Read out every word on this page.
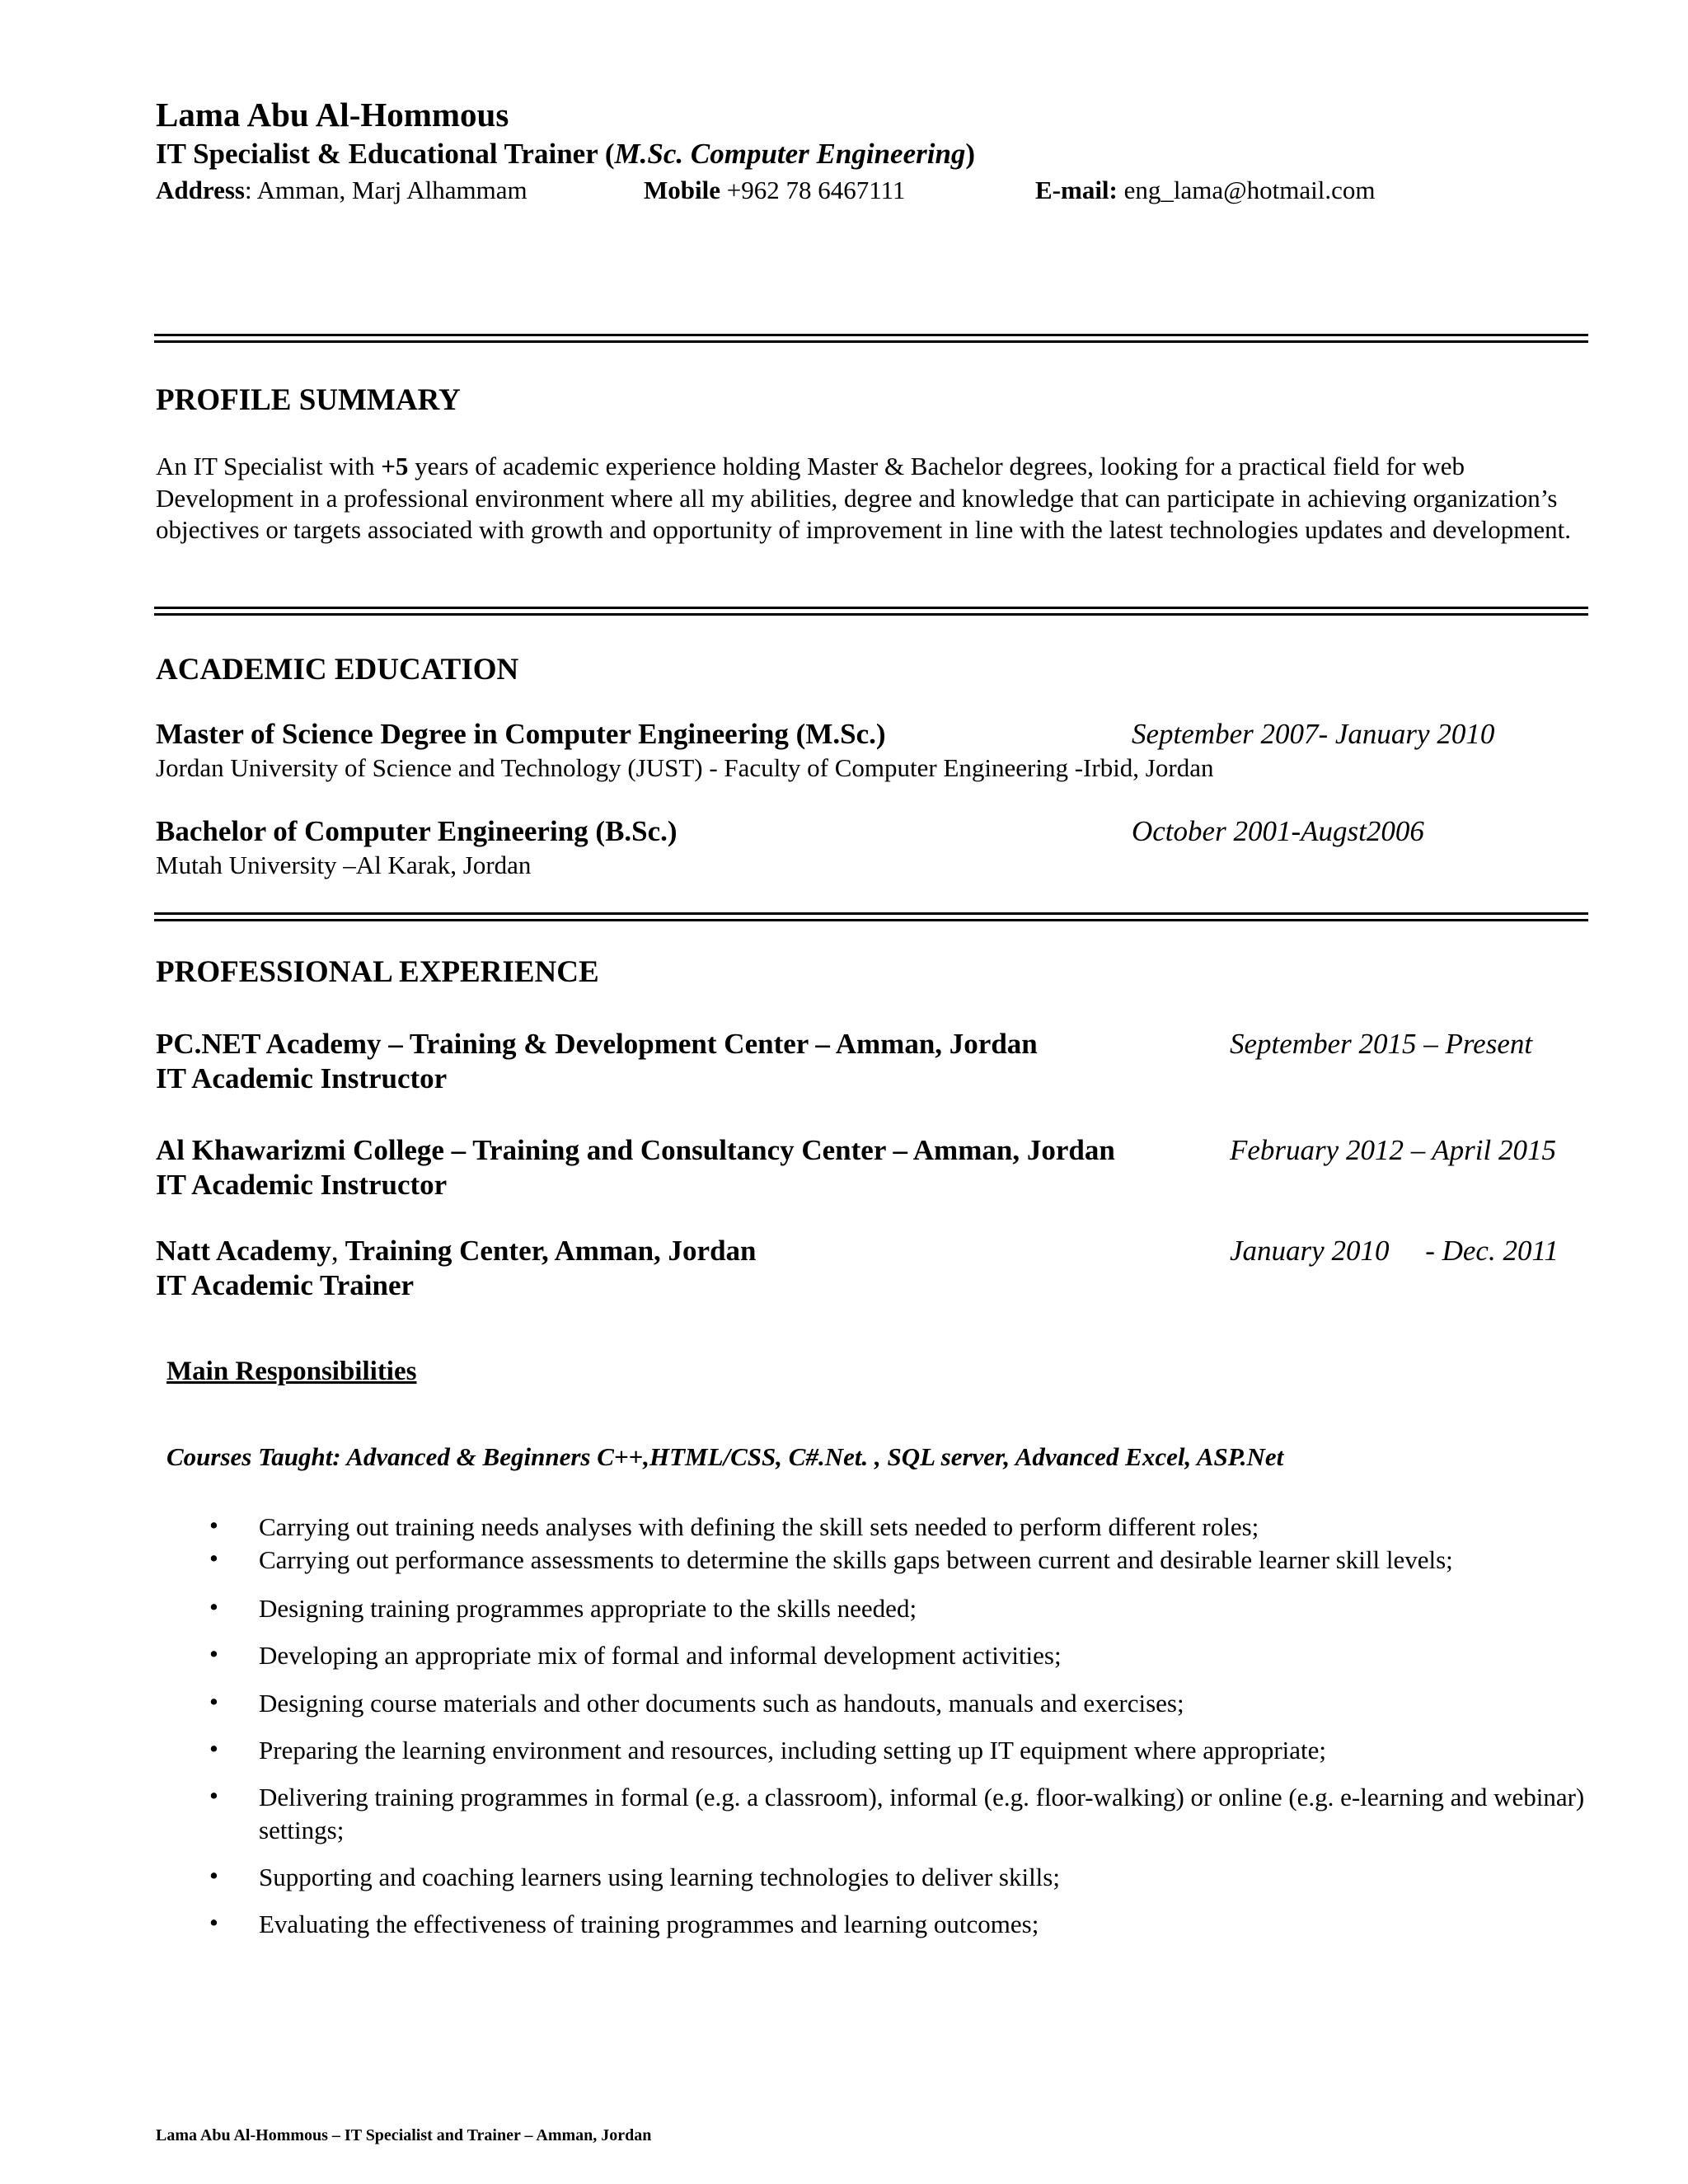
Lama Abu Al-Hommous
IT Specialist & Educational Trainer (M.Sc. Computer Engineering)
Address: Amman, Marj Alhammam	Mobile +962 78 6467111	E-mail: eng_lama@hotmail.com
PROFILE SUMMARY
An IT Specialist with +5 years of academic experience holding Master & Bachelor degrees, looking for a practical field for web Development in a professional environment where all my abilities, degree and knowledge that can participate in achieving organization’s objectives or targets associated with growth and opportunity of improvement in line with the latest technologies updates and development.
ACADEMIC EDUCATION
Master of Science Degree in Computer Engineering (M.Sc.)	September 2007- January 2010
Jordan University of Science and Technology (JUST) - Faculty of Computer Engineering -Irbid, Jordan
Bachelor of Computer Engineering (B.Sc.)	October 2001-Augst2006
Mutah University –Al Karak, Jordan
PROFESSIONAL EXPERIENCE
PC.NET Academy – Training & Development Center – Amman, Jordan	September 2015 – Present
IT Academic Instructor
Al Khawarizmi College – Training and Consultancy Center – Amman, Jordan	February 2012 – April 2015
IT Academic Instructor
Natt Academy, Training Center, Amman, Jordan	January 2010     - Dec. 2011
IT Academic Trainer
Main Responsibilities
Courses Taught: Advanced & Beginners C++,HTML/CSS, C#.Net. , SQL server, Advanced Excel, ASP.Net
• Carrying out training needs analyses with defining the skill sets needed to perform different roles;
• Carrying out performance assessments to determine the skills gaps between current and desirable learner skill levels;
• Designing training programmes appropriate to the skills needed;
• Developing an appropriate mix of formal and informal development activities;
• Designing course materials and other documents such as handouts, manuals and exercises;
• Preparing the learning environment and resources, including setting up IT equipment where appropriate;
• Delivering training programmes in formal (e.g. a classroom), informal (e.g. floor-walking) or online (e.g. e-learning and webinar) settings;
• Supporting and coaching learners using learning technologies to deliver skills;
• Evaluating the effectiveness of training programmes and learning outcomes;
Lama Abu Al-Hommous – IT Specialist and Trainer – Amman, Jordan
